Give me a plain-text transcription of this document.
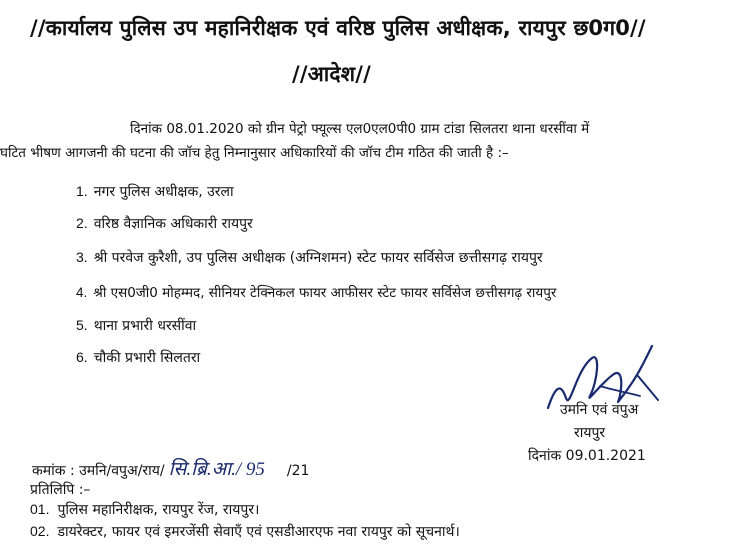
//कार्यालय पुलिस उप महानिरीक्षक एवं वरिष्ठ पुलिस अधीक्षक, रायपुर छ0ग0//
//आदेश//
दिनांक 08.01.2020 को ग्रीन पेट्रो फ्यूल्स एल0एल0पी0 ग्राम टांडा सिलतरा थाना धरसींवा में
घटित भीषण आगजनी की घटना की जॉच हेतु निम्नानुसार अधिकारियों की जॉच टीम गठित की जाती है :–
1. नगर पुलिस अधीक्षक, उरला
2. वरिष्ठ वैज्ञानिक अधिकारी रायपुर
3. श्री परवेज कुरैशी, उप पुलिस अधीक्षक (अग्निशमन) स्टेट फायर सर्विसेज छत्तीसगढ़ रायपुर
4. श्री एस0जी0 मोहम्मद, सीनियर टेक्निकल फायर आफीसर स्टेट फायर सर्विसेज छत्तीसगढ़ रायपुर
5. थाना प्रभारी धरसींवा
6. चौकी प्रभारी सिलतरा
उमनि एवं वपुअ
रायपुर
दिनांक 09.01.2021
कमांक : उमनि/वपुअ/राय/ सि.ब्रि.आ./ 95 /21
प्रतिलिपि :–
01. पुलिस महानिरीक्षक, रायपुर रेंज, रायपुर।
02. डायरेक्टर, फायर एवं इमरजेंसी सेवाएँ एवं एसडीआरएफ नवा रायपुर को सूचनार्थ।
